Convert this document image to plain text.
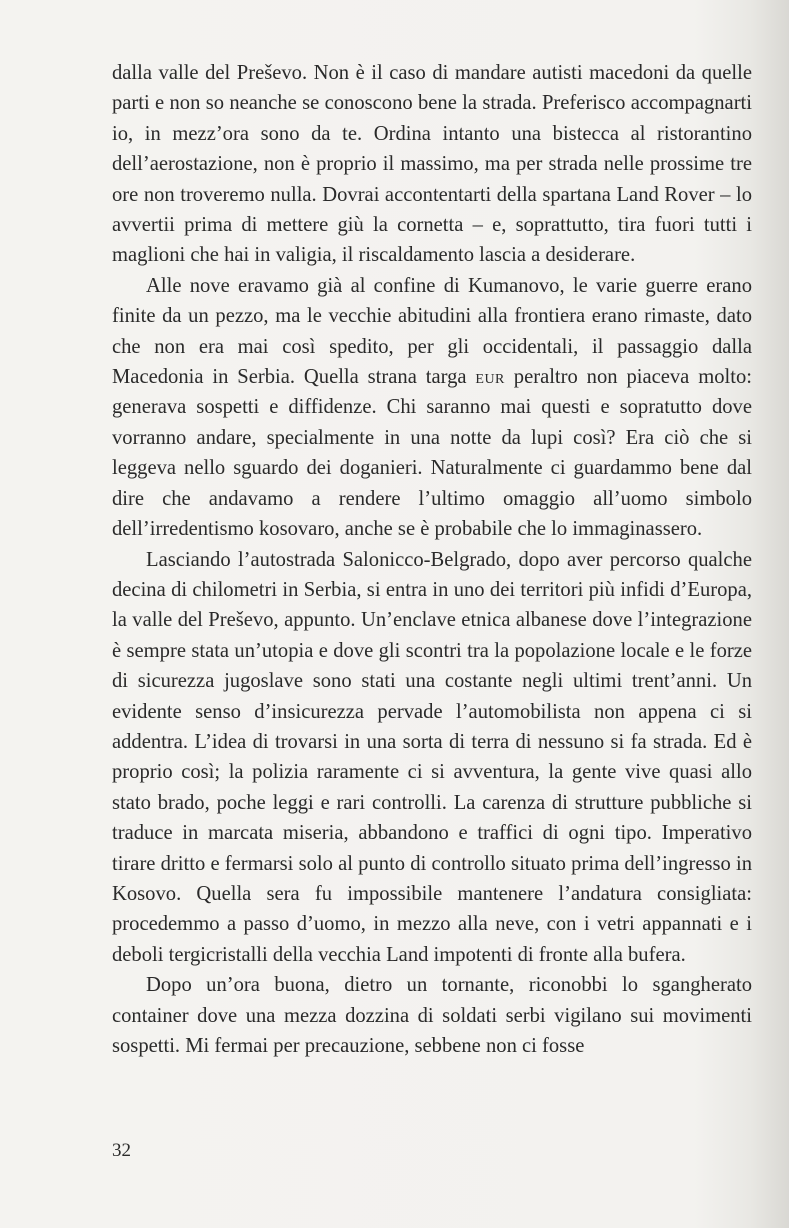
dalla valle del Preševo. Non è il caso di mandare autisti macedoni da quelle parti e non so neanche se conoscono bene la strada. Preferisco accompagnarti io, in mezz’ora sono da te. Ordina intanto una bistecca al ristorantino dell’aerostazione, non è proprio il massimo, ma per strada nelle prossime tre ore non troveremo nulla. Dovrai accontentarti della spartana Land Rover – lo avvertii prima di mettere giù la cornetta – e, soprattutto, tira fuori tutti i maglioni che hai in valigia, il riscaldamento lascia a desiderare.

Alle nove eravamo già al confine di Kumanovo, le varie guerre erano finite da un pezzo, ma le vecchie abitudini alla frontiera erano rimaste, dato che non era mai così spedito, per gli occidentali, il passaggio dalla Macedonia in Serbia. Quella strana targa eur peraltro non piaceva molto: generava sospetti e diffidenze. Chi saranno mai questi e sopratutto dove vorranno andare, specialmente in una notte da lupi così? Era ciò che si leggeva nello sguardo dei doganieri. Naturalmente ci guardammo bene dal dire che andavamo a rendere l’ultimo omaggio all’uomo simbolo dell’irredentismo kosovaro, anche se è probabile che lo immaginassero.

Lasciando l’autostrada Salonicco-Belgrado, dopo aver percorso qualche decina di chilometri in Serbia, si entra in uno dei territori più infidi d’Europa, la valle del Preševo, appunto. Un’enclave etnica albanese dove l’integrazione è sempre stata un’utopia e dove gli scontri tra la popolazione locale e le forze di sicurezza jugoslave sono stati una costante negli ultimi trent’anni. Un evidente senso d’insicurezza pervade l’automobilista non appena ci si addentra. L’idea di trovarsi in una sorta di terra di nessuno si fa strada. Ed è proprio così; la polizia raramente ci si avventura, la gente vive quasi allo stato brado, poche leggi e rari controlli. La carenza di strutture pubbliche si traduce in marcata miseria, abbandono e traffici di ogni tipo. Imperativo tirare dritto e fermarsi solo al punto di controllo situato prima dell’ingresso in Kosovo. Quella sera fu impossibile mantenere l’andatura consigliata: procedemmo a passo d’uomo, in mezzo alla neve, con i vetri appannati e i deboli tergicristalli della vecchia Land impotenti di fronte alla bufera.

Dopo un’ora buona, dietro un tornante, riconobbi lo sgangherato container dove una mezza dozzina di soldati serbi vigilano sui movimenti sospetti. Mi fermai per precauzione, sebbene non ci fosse

32
